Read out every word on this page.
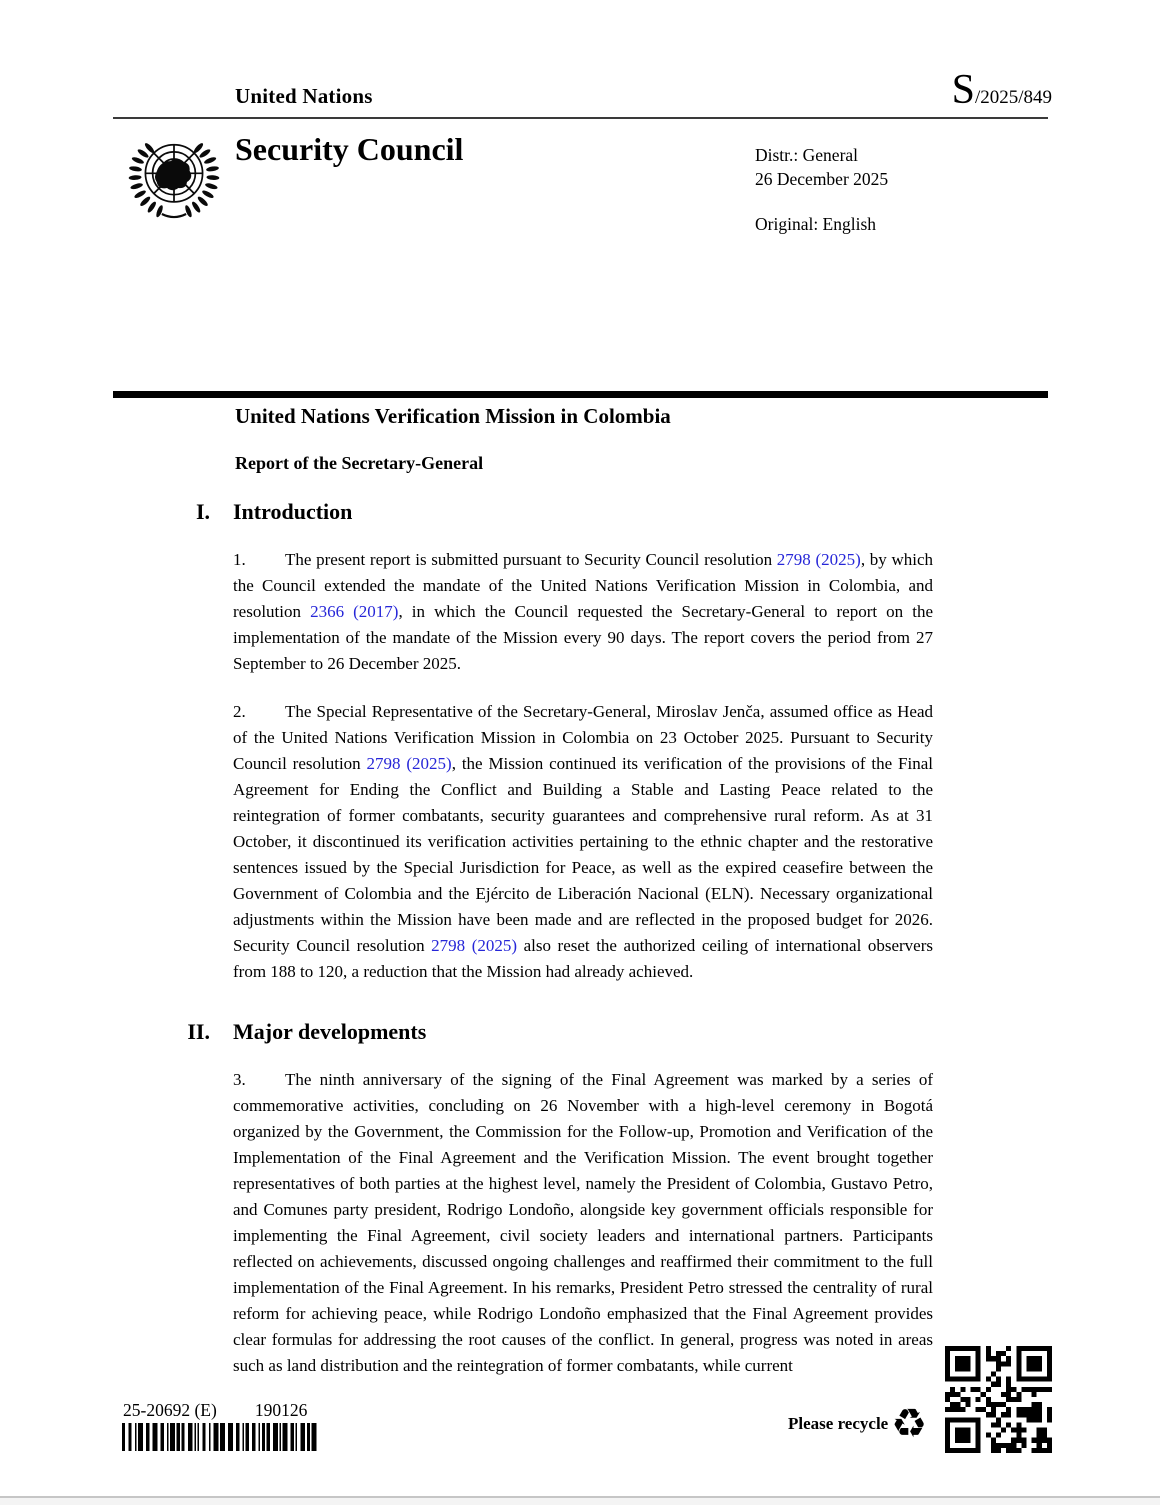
United Nations	S/2025/849
Security Council	Distr.: General
26 December 2025
Original: English
United Nations Verification Mission in Colombia
Report of the Secretary-General
I. Introduction

1. The present report is submitted pursuant to Security Council resolution 2798 (2025), by which the Council extended the mandate of the United Nations Verification Mission in Colombia, and resolution 2366 (2017), in which the Council requested the Secretary-General to report on the implementation of the mandate of the Mission every 90 days. The report covers the period from 27 September to 26 December 2025.

2. The Special Representative of the Secretary-General, Miroslav Jenča, assumed office as Head of the United Nations Verification Mission in Colombia on 23 October 2025. Pursuant to Security Council resolution 2798 (2025), the Mission continued its verification of the provisions of the Final Agreement for Ending the Conflict and Building a Stable and Lasting Peace related to the reintegration of former combatants, security guarantees and comprehensive rural reform. As at 31 October, it discontinued its verification activities pertaining to the ethnic chapter and the restorative sentences issued by the Special Jurisdiction for Peace, as well as the expired ceasefire between the Government of Colombia and the Ejército de Liberación Nacional (ELN). Necessary organizational adjustments within the Mission have been made and are reflected in the proposed budget for 2026. Security Council resolution 2798 (2025) also reset the authorized ceiling of international observers from 188 to 120, a reduction that the Mission had already achieved.

II. Major developments

3. The ninth anniversary of the signing of the Final Agreement was marked by a series of commemorative activities, concluding on 26 November with a high-level ceremony in Bogotá organized by the Government, the Commission for the Follow-up, Promotion and Verification of the Implementation of the Final Agreement and the Verification Mission. The event brought together representatives of both parties at the highest level, namely the President of Colombia, Gustavo Petro, and Comunes party president, Rodrigo Londoño, alongside key government officials responsible for implementing the Final Agreement, civil society leaders and international partners. Participants reflected on achievements, discussed ongoing challenges and reaffirmed their commitment to the full implementation of the Final Agreement. In his remarks, President Petro stressed the centrality of rural reform for achieving peace, while Rodrigo Londoño emphasized that the Final Agreement provides clear formulas for addressing the root causes of the conflict. In general, progress was noted in areas such as land distribution and the reintegration of former combatants, while current

25-20692 (E) 190126
Please recycle ♻
